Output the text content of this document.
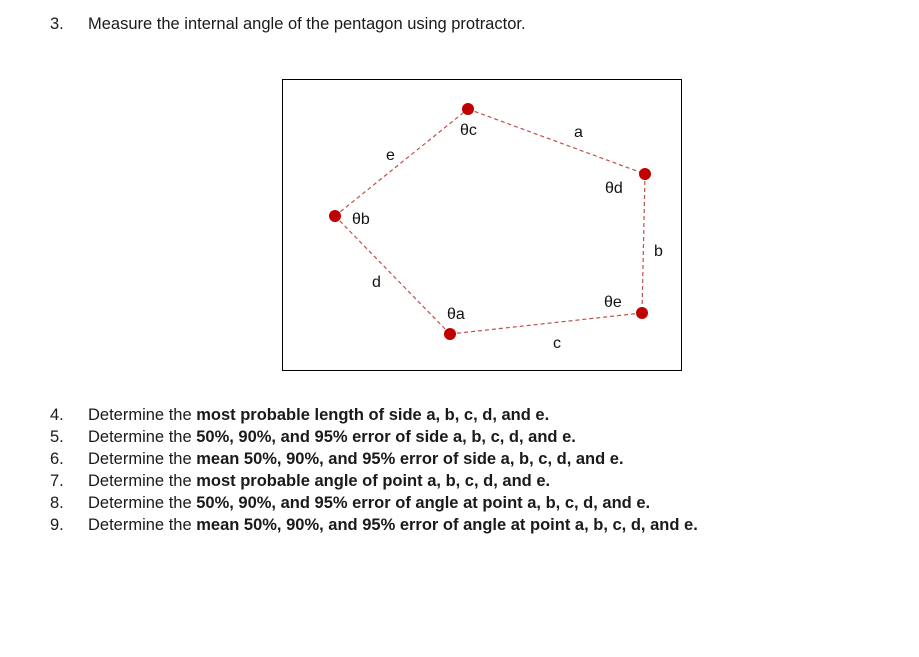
3. Measure the internal angle of the pentagon using protractor.
a
b
c
d
e
θc
θd
θb
θe
θa
4. Determine the most probable length of side a, b, c, d, and e.
5. Determine the 50%, 90%, and 95% error of side a, b, c, d, and e.
6. Determine the mean 50%, 90%, and 95% error of side a, b, c, d, and e.
7. Determine the most probable angle of point a, b, c, d, and e.
8. Determine the 50%, 90%, and 95% error of angle at point a, b, c, d, and e.
9. Determine the mean 50%, 90%, and 95% error of angle at point a, b, c, d, and e.
